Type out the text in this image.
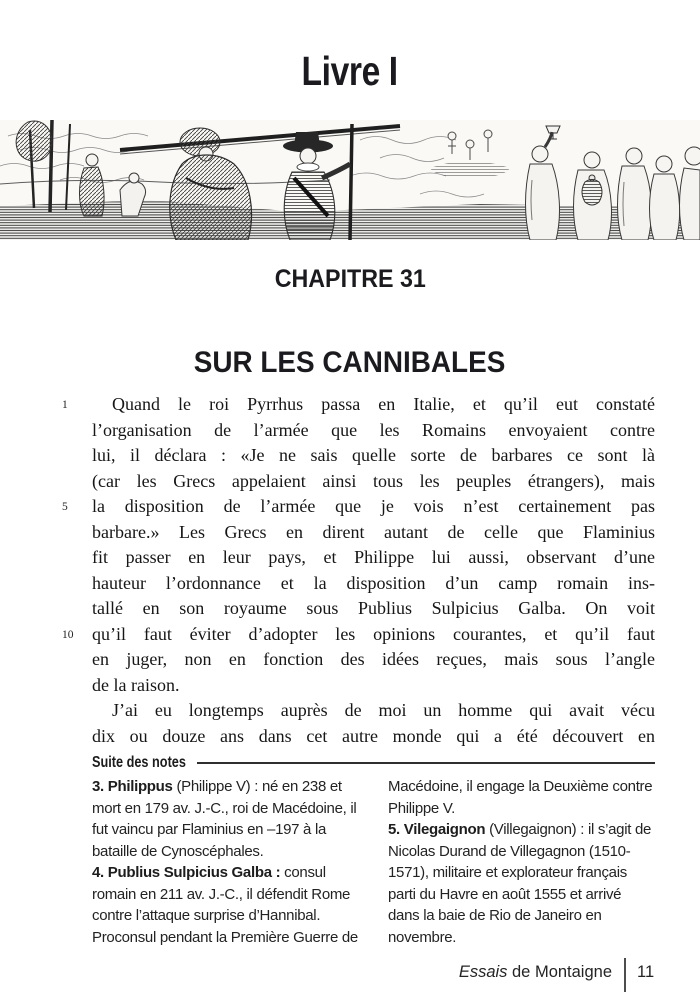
Livre I
CHAPITRE 31
SUR LES CANNIBALES
1	Quand le roi Pyrrhus passa en Italie, et qu’il eut constaté
l’organisation de l’armée que les Romains envoyaient contre
lui, il déclara : «Je ne sais quelle sorte de barbares ce sont là
(car les Grecs appelaient ainsi tous les peuples étrangers), mais
5	la disposition de l’armée que je vois n’est certainement pas
barbare.» Les Grecs en dirent autant de celle que Flaminius
fit passer en leur pays, et Philippe lui aussi, observant d’une
hauteur l’ordonnance et la disposition d’un camp romain ins-
tallé en son royaume sous Publius Sulpicius Galba. On voit
10	qu’il faut éviter d’adopter les opinions courantes, et qu’il faut
en juger, non en fonction des idées reçues, mais sous l’angle
de la raison.
J’ai eu longtemps auprès de moi un homme qui avait vécu
dix ou douze ans dans cet autre monde qui a été découvert en
Suite des notes

3. Philippus (Philippe V) : né en 238 et mort en 179 av. J.-C., roi de Macédoine, il fut vaincu par Flaminius en –197 à la bataille de Cynoscéphales.

4. Publius Sulpicius Galba : consul romain en 211 av. J.-C., il défendit Rome contre l’attaque surprise d’Hannibal. Proconsul pendant la Première Guerre de

Macédoine, il engage la Deuxième contre Philippe V.

5. Vilegaignon (Villegaignon) : il s’agit de Nicolas Durand de Villegagnon (1510-1571), militaire et explorateur français parti du Havre en août 1555 et arrivé dans la baie de Rio de Janeiro en novembre.

Essais de Montaigne 11
